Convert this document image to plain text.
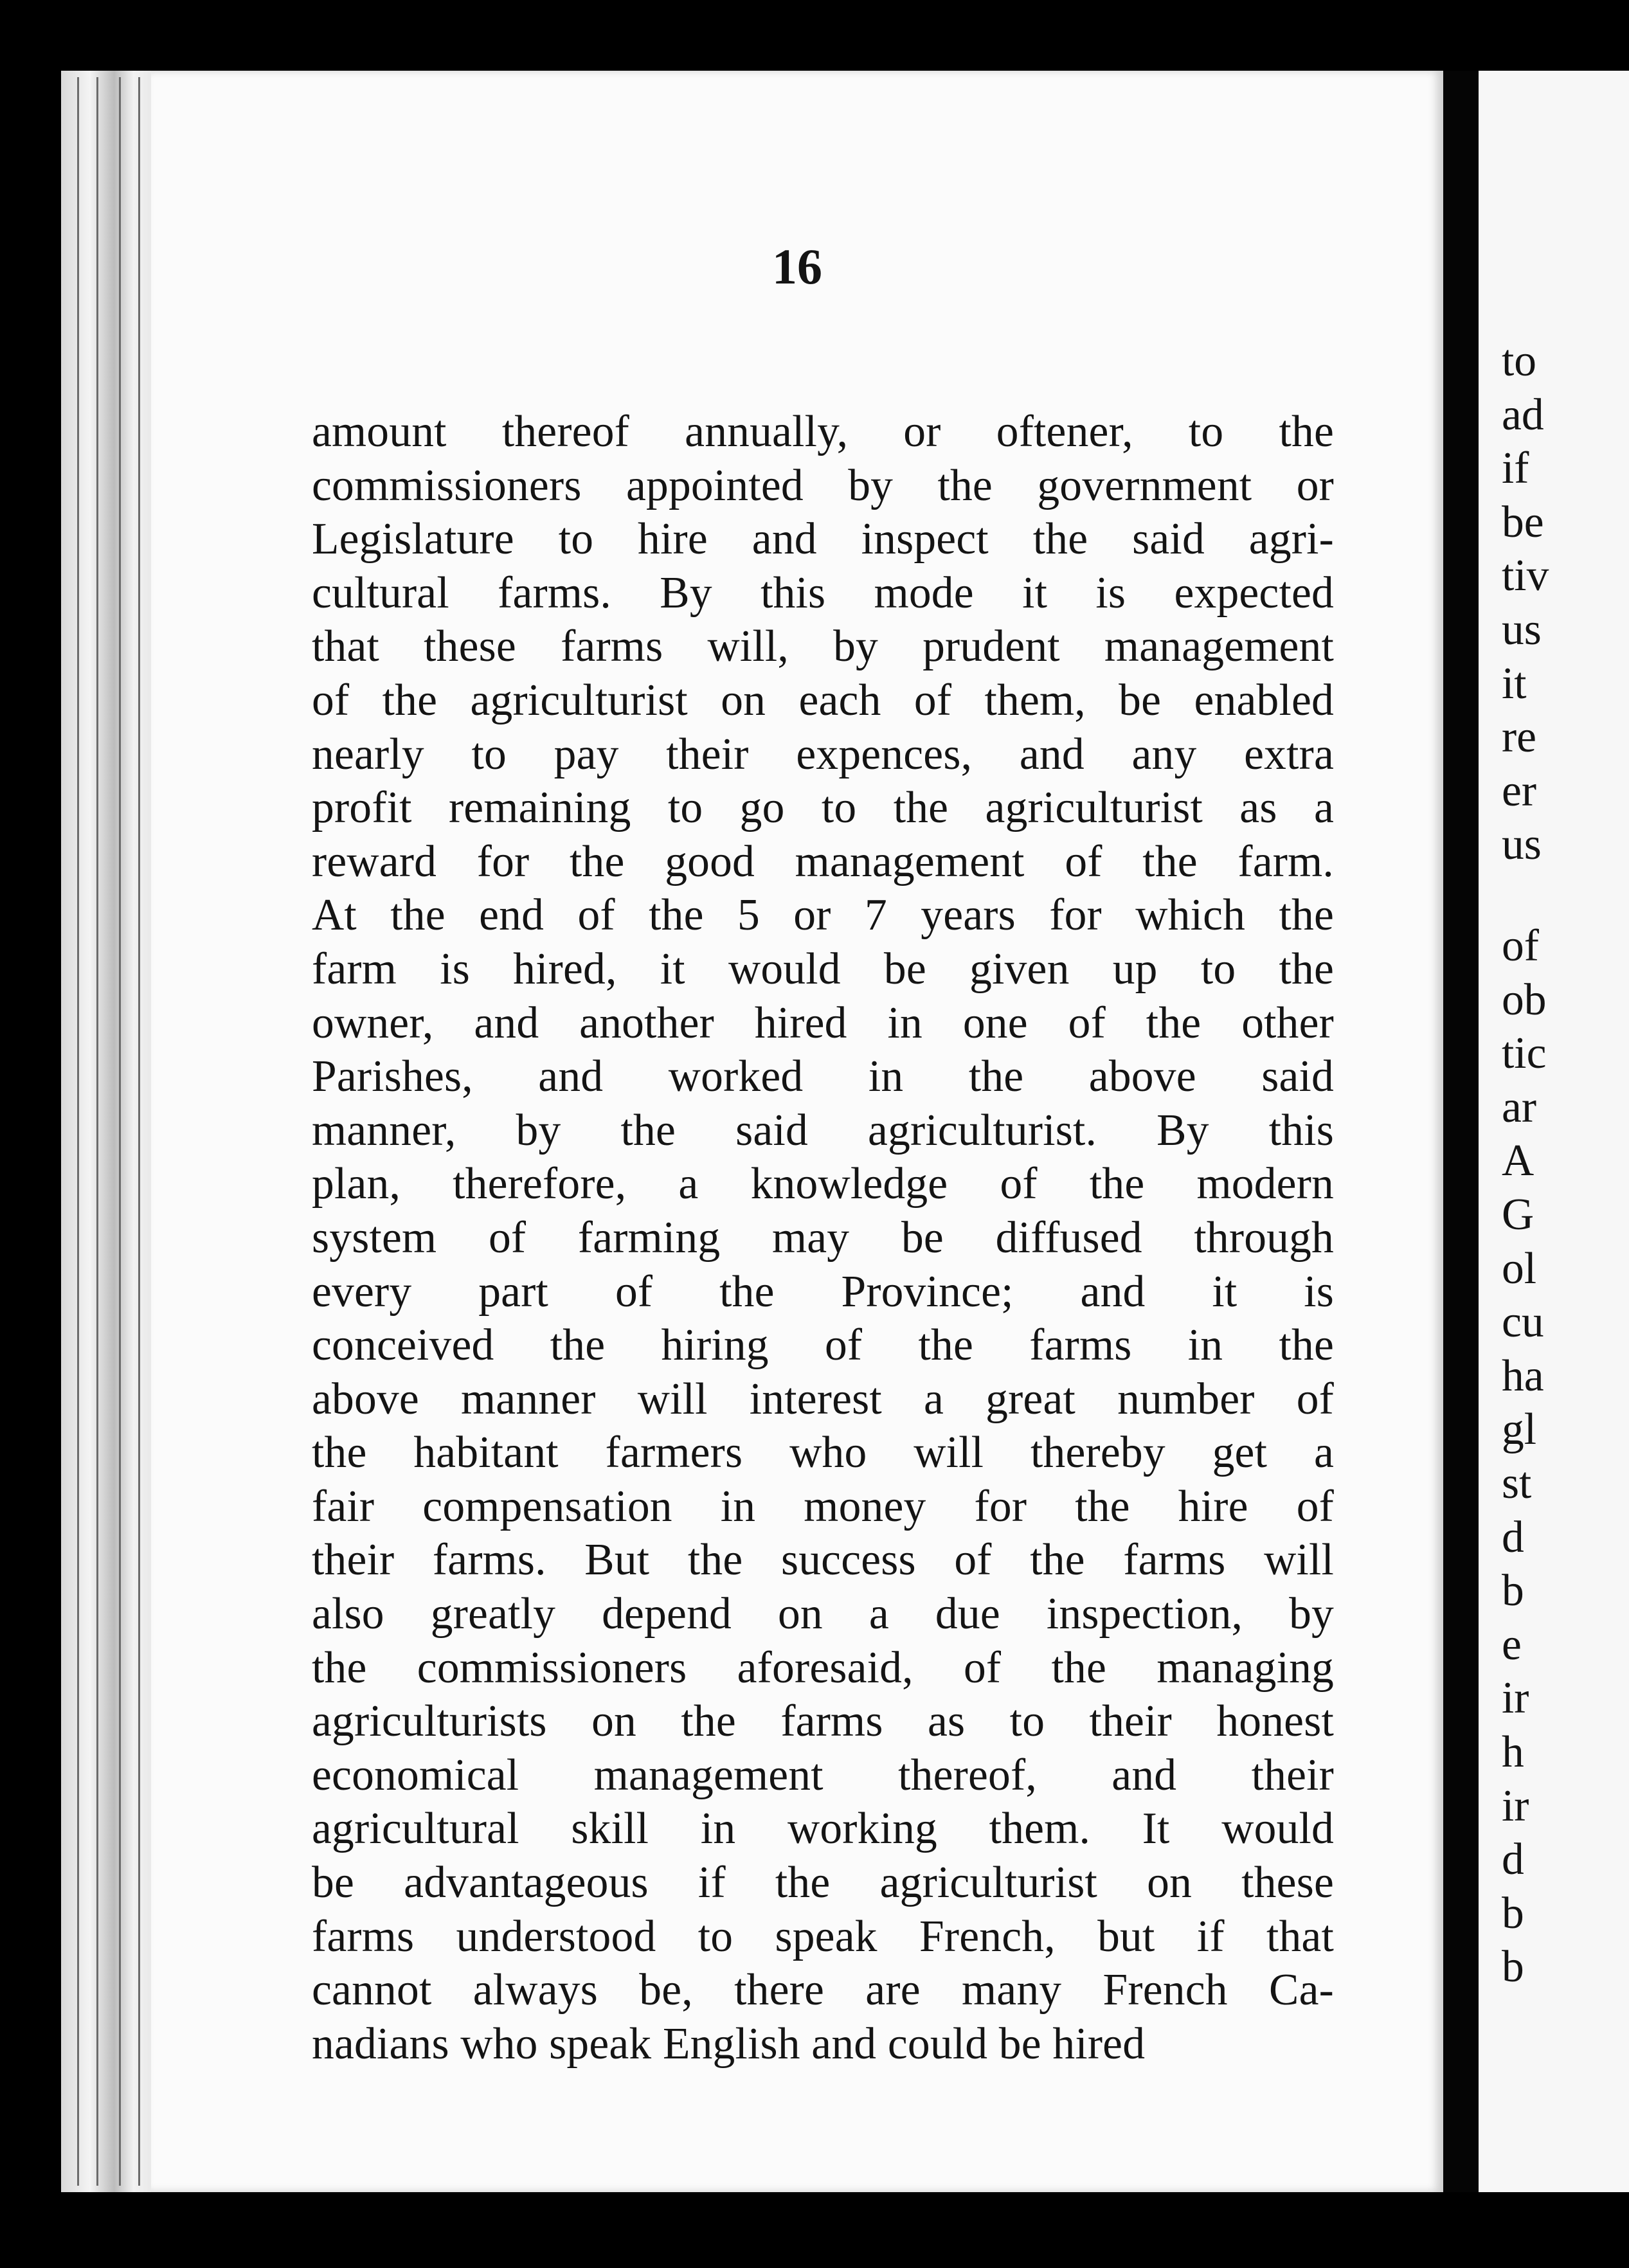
16
amount thereof annually, or oftener, to the
commissioners appointed by the government or
Legislature to hire and inspect the said agri-
cultural farms. By this mode it is expected
that these farms will, by prudent management
of the agriculturist on each of them, be enabled
nearly to pay their expences, and any extra
profit remaining to go to the agriculturist as a
reward for the good management of the farm.
At the end of the 5 or 7 years for which the
farm is hired, it would be given up to the
owner, and another hired in one of the other
Parishes, and worked in the above said
manner, by the said agriculturist. By this
plan, therefore, a knowledge of the modern
system of farming may be diffused through
every part of the Province; and it is
conceived the hiring of the farms in the
above manner will interest a great number of
the habitant farmers who will thereby get a
fair compensation in money for the hire of
their farms. But the success of the farms will
also greatly depend on a due inspection, by
the commissioners aforesaid, of the managing
agriculturists on the farms as to their honest
economical management thereof, and their
agricultural skill in working them. It would
be advantageous if the agriculturist on these
farms understood to speak French, but if that
cannot always be, there are many French Ca-
nadians who speak English and could be hired
to
ad
if
be
tiv
us
it
re
er
us
of
ob
tic
ar
A
G
ol
cu
ha
gl
st
d
b
e
ir
h
ir
d
b
b
